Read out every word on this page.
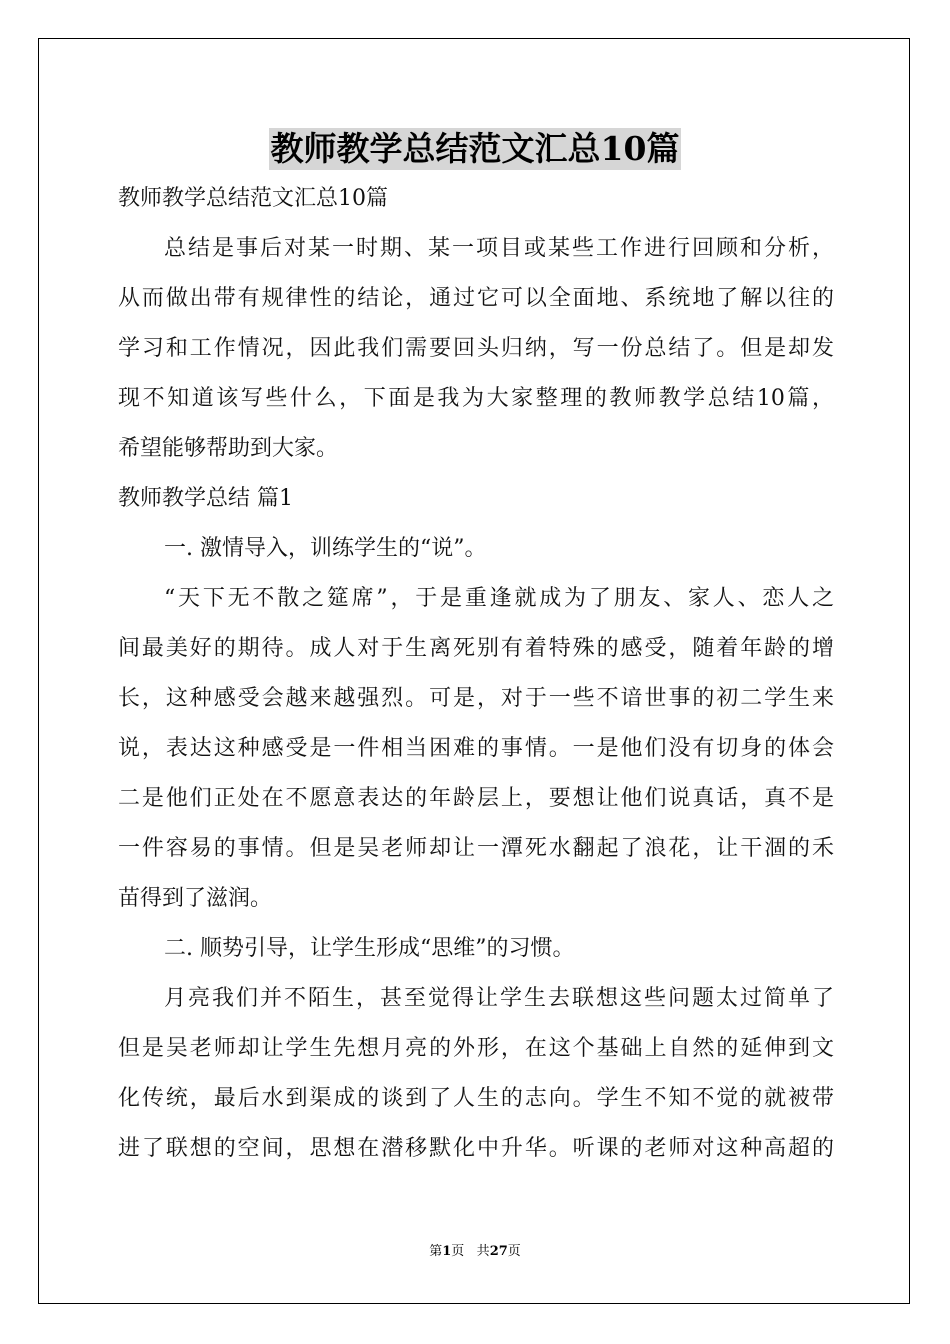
教师教学总结范文汇总10篇
教师教学总结范文汇总10篇
总结是事后对某一时期、某一项目或某些工作进行回顾和分析，
从而做出带有规律性的结论，通过它可以全面地、系统地了解以往的
学习和工作情况，因此我们需要回头归纳，写一份总结了。但是却发
现不知道该写些什么，下面是我为大家整理的教师教学总结10篇，
希望能够帮助到大家。
教师教学总结 篇1
一. 激情导入，训练学生的“说”。
“天下无不散之筵席”，于是重逢就成为了朋友、家人、恋人之
间最美好的期待。成人对于生离死别有着特殊的感受，随着年龄的增
长，这种感受会越来越强烈。可是，对于一些不谙世事的初二学生来
说，表达这种感受是一件相当困难的事情。一是他们没有切身的体会
二是他们正处在不愿意表达的年龄层上，要想让他们说真话，真不是
一件容易的事情。但是吴老师却让一潭死水翻起了浪花，让干涸的禾
苗得到了滋润。
二. 顺势引导，让学生形成“思维”的习惯。
月亮我们并不陌生，甚至觉得让学生去联想这些问题太过简单了
但是吴老师却让学生先想月亮的外形，在这个基础上自然的延伸到文
化传统，最后水到渠成的谈到了人生的志向。学生不知不觉的就被带
进了联想的空间，思想在潜移默化中升华。听课的老师对这种高超的
第1页 共27页
